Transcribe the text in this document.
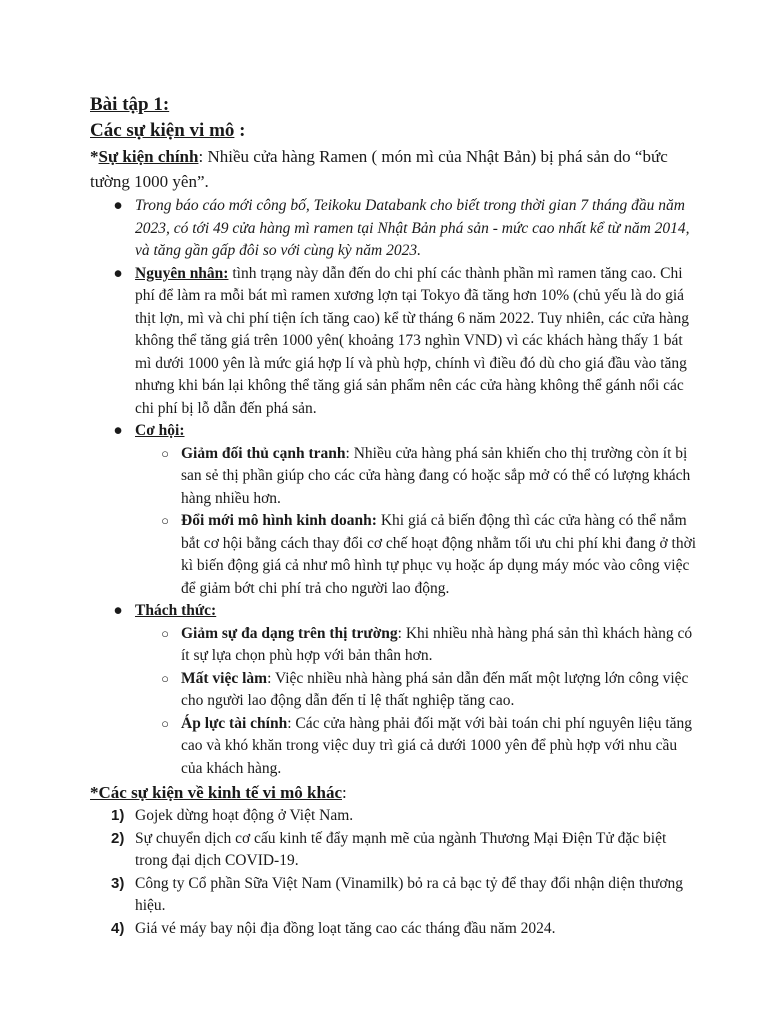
Bài tập 1:

Các sự kiện vi mô :

*Sự kiện chính: Nhiều cửa hàng Ramen ( món mì của Nhật Bản) bị phá sản do “bức tường 1000 yên”.

● Trong báo cáo mới công bố, Teikoku Databank cho biết trong thời gian 7 tháng đầu năm 2023, có tới 49 cửa hàng mì ramen tại Nhật Bản phá sản - mức cao nhất kể từ năm 2014, và tăng gần gấp đôi so với cùng kỳ năm 2023.
● Nguyên nhân: tình trạng này dẫn đến do chi phí các thành phần mì ramen tăng cao. Chi phí để làm ra mỗi bát mì ramen xương lợn tại Tokyo đã tăng hơn 10% (chủ yếu là do giá thịt lợn, mì và chi phí tiện ích tăng cao) kể từ tháng 6 năm 2022. Tuy nhiên, các cửa hàng không thể tăng giá trên 1000 yên( khoảng 173 nghìn VND) vì các khách hàng thấy 1 bát mì dưới 1000 yên là mức giá hợp lí và phù hợp, chính vì điều đó dù cho giá đầu vào tăng nhưng khi bán lại không thể tăng giá sản phẩm nên các cửa hàng không thể gánh nổi các chi phí bị lỗ dẫn đến phá sản.
● Cơ hội:
○ Giảm đối thủ cạnh tranh: Nhiều cửa hàng phá sản khiến cho thị trường còn ít bị san sẻ thị phần giúp cho các cửa hàng đang có hoặc sắp mở có thể có lượng khách hàng nhiều hơn.
○ Đổi mới mô hình kinh doanh: Khi giá cả biến động thì các cửa hàng có thể nắm bắt cơ hội bằng cách thay đổi cơ chế hoạt động nhằm tối ưu chi phí khi đang ở thời kì biến động giá cả như mô hình tự phục vụ hoặc áp dụng máy móc vào công việc để giảm bớt chi phí trả cho người lao động.
● Thách thức:
○ Giảm sự đa dạng trên thị trường: Khi nhiều nhà hàng phá sản thì khách hàng có ít sự lựa chọn phù hợp với bản thân hơn.
○ Mất việc làm: Việc nhiều nhà hàng phá sản dẫn đến mất một lượng lớn công việc cho người lao động dẫn đến tỉ lệ thất nghiệp tăng cao.
○ Áp lực tài chính: Các cửa hàng phải đối mặt với bài toán chi phí nguyên liệu tăng cao và khó khăn trong việc duy trì giá cả dưới 1000 yên để phù hợp với nhu cầu của khách hàng.

*Các sự kiện về kinh tế vi mô khác:

1) Gojek dừng hoạt động ở Việt Nam.
2) Sự chuyển dịch cơ cấu kinh tế đẩy mạnh mẽ của ngành Thương Mại Điện Tử đặc biệt trong đại dịch COVID-19.
3) Công ty Cổ phần Sữa Việt Nam (Vinamilk) bỏ ra cả bạc tỷ để thay đổi nhận diện thương hiệu.
4) Giá vé máy bay nội địa đồng loạt tăng cao các tháng đầu năm 2024.
